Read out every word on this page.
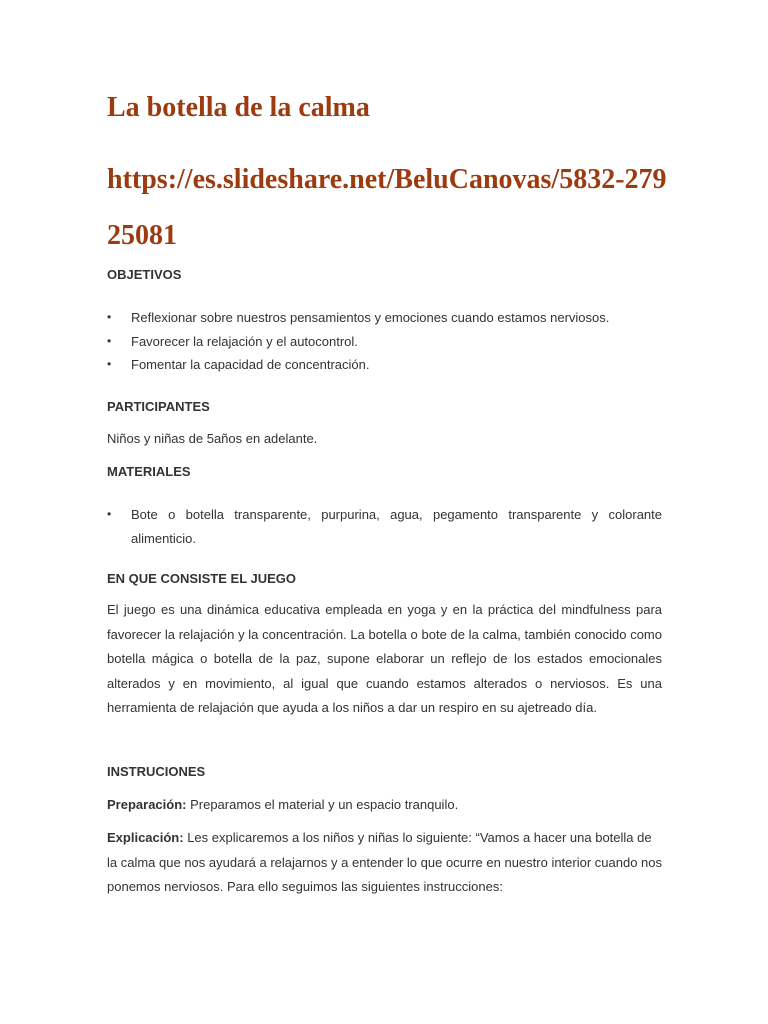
La botella de la calma

https://es.slideshare.net/BeluCanovas/5832-27925081

OBJETIVOS
• Reflexionar sobre nuestros pensamientos y emociones cuando estamos nerviosos.
• Favorecer la relajación y el autocontrol.
• Fomentar la capacidad de concentración.
PARTICIPANTES

Niños y niñas de 5años en adelante.

MATERIALES
• Bote o botella transparente, purpurina, agua, pegamento transparente y colorante alimenticio.
EN QUE CONSISTE EL JUEGO

El juego es una dinámica educativa empleada en yoga y en la práctica del mindfulness para favorecer la relajación y la concentración. La botella o bote de la calma, también conocido como botella mágica o botella de la paz, supone elaborar un reflejo de los estados emocionales alterados y en movimiento, al igual que cuando estamos alterados o nerviosos. Es una herramienta de relajación que ayuda a los niños a dar un respiro en su ajetreado día.

INSTRUCIONES

Preparación: Preparamos el material y un espacio tranquilo.

Explicación: Les explicaremos a los niños y niñas lo siguiente: “Vamos a hacer una botella de la calma que nos ayudará a relajarnos y a entender lo que ocurre en nuestro interior cuando nos ponemos nerviosos. Para ello seguimos las siguientes instrucciones:
